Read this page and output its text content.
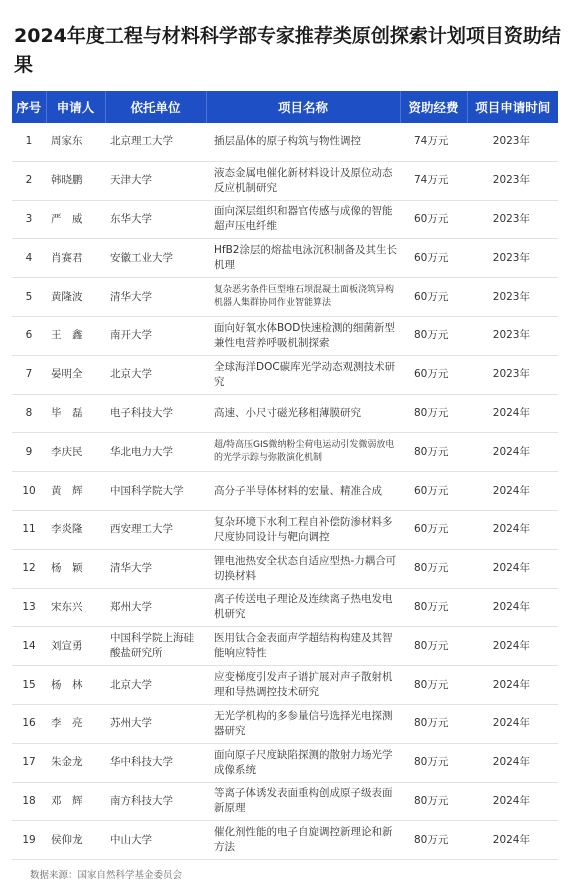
2024年度工程与材料科学部专家推荐类原创探索计划项目资助结果
序号	申请人	依托单位	项目名称	资助经费	项目申请时间
1	周家东	北京理工大学	插层晶体的原子构筑与物性调控	74万元	2023年
2	韩晓鹏	天津大学	液态金属电催化新材料设计及原位动态反应机制研究	74万元	2023年
3	严　威	东华大学	面向深层组织和器官传感与成像的智能超声压电纤维	60万元	2023年
4	肖赛君	安徽工业大学	HfB2涂层的熔盐电泳沉积制备及其生长机理	60万元	2023年
5	黄隆波	清华大学	复杂恶劣条件巨型堆石坝混凝土面板浇筑异构机器人集群协同作业智能算法	60万元	2023年
6	王　鑫	南开大学	面向好氧水体BOD快速检测的细菌新型兼性电营养呼吸机制探索	80万元	2023年
7	晏明全	北京大学	全球海洋DOC碳库光学动态观测技术研究	60万元	2023年
8	毕　磊	电子科技大学	高速、小尺寸磁光移相薄膜研究	80万元	2024年
9	李庆民	华北电力大学	超/特高压GIS微纳粉尘荷电运动引发微弱放电的光学示踪与弥散演化机制	80万元	2024年
10	黄　辉	中国科学院大学	高分子半导体材料的宏量、精准合成	60万元	2024年
11	李炎隆	西安理工大学	复杂环境下水利工程自补偿防渗材料多尺度协同设计与靶向调控	60万元	2024年
12	杨　颖	清华大学	锂电池热安全状态自适应型热-力耦合可切换材料	80万元	2024年
13	宋东兴	郑州大学	离子传送电子理论及连续离子热电发电机研究	80万元	2024年
14	刘宣勇	中国科学院上海硅酸盐研究所	医用钛合金表面声学超结构构建及其智能响应特性	80万元	2024年
15	杨　林	北京大学	应变梯度引发声子谱扩展对声子散射机理和导热调控技术研究	80万元	2024年
16	李　亮	苏州大学	无光学机构的多参量信号选择光电探测器研究	80万元	2024年
17	朱金龙	华中科技大学	面向原子尺度缺陷探测的散射力场光学成像系统	80万元	2024年
18	邓　辉	南方科技大学	等离子体诱发表面重构创成原子级表面新原理	80万元	2024年
19	侯仰龙	中山大学	催化剂性能的电子自旋调控新理论和新方法	80万元	2024年
数据来源：国家自然科学基金委员会
